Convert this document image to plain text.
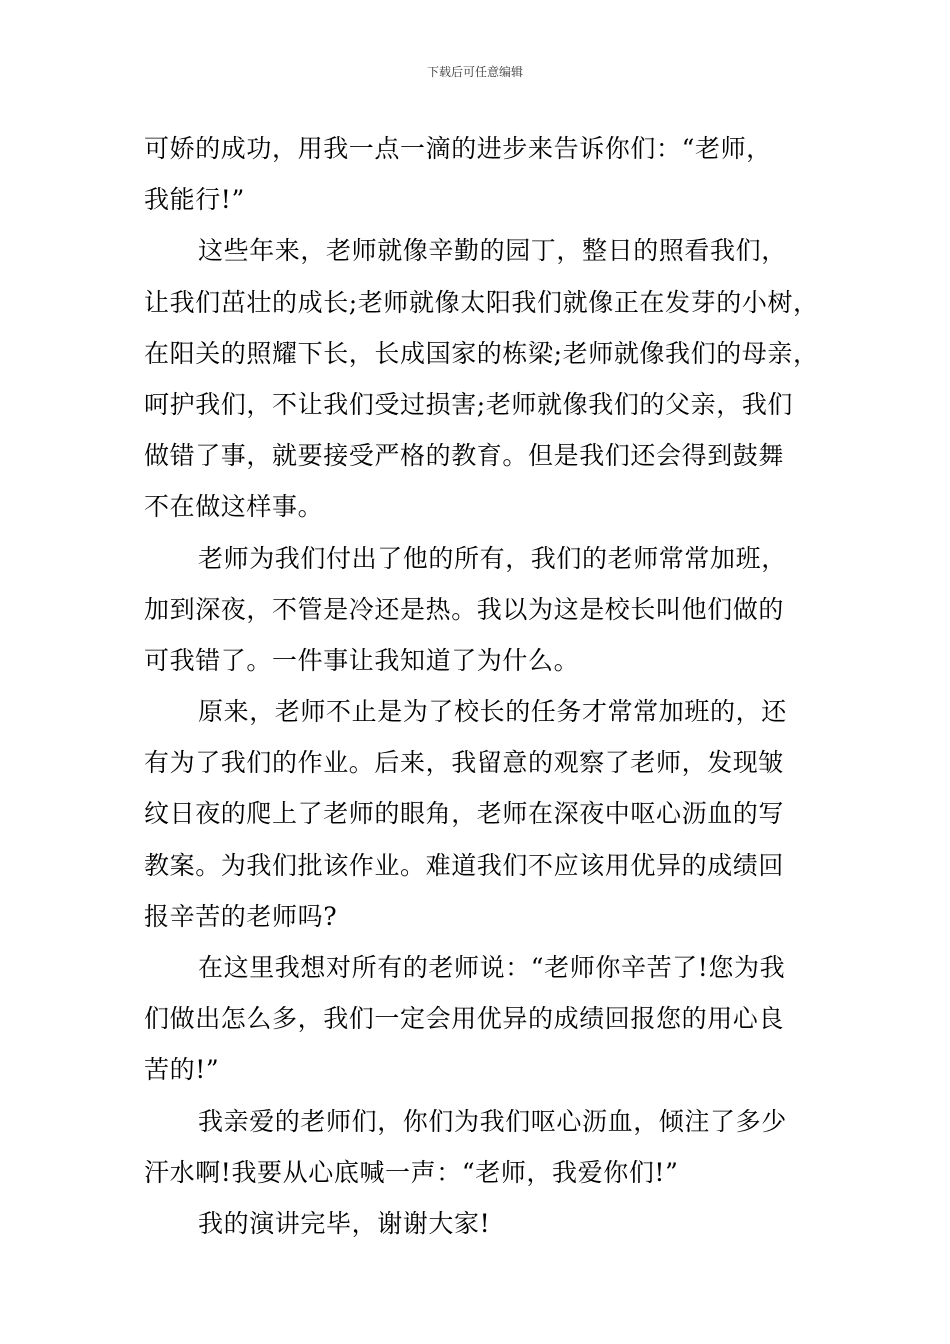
下载后可任意编辑
可娇的成功，用我一点一滴的进步来告诉你们：“老师，
我能行!”
这些年来，老师就像辛勤的园丁，整日的照看我们，
让我们茁壮的成长;老师就像太阳我们就像正在发芽的小树，
在阳关的照耀下长，长成国家的栋梁;老师就像我们的母亲，
呵护我们，不让我们受过损害;老师就像我们的父亲，我们
做错了事，就要接受严格的教育。但是我们还会得到鼓舞
不在做这样事。
老师为我们付出了他的所有，我们的老师常常加班，
加到深夜，不管是冷还是热。我以为这是校长叫他们做的
可我错了。一件事让我知道了为什么。
原来，老师不止是为了校长的任务才常常加班的，还
有为了我们的作业。后来，我留意的观察了老师，发现皱
纹日夜的爬上了老师的眼角，老师在深夜中呕心沥血的写
教案。为我们批该作业。难道我们不应该用优异的成绩回
报辛苦的老师吗?
在这里我想对所有的老师说：“老师你辛苦了!您为我
们做出怎么多，我们一定会用优异的成绩回报您的用心良
苦的!”
我亲爱的老师们，你们为我们呕心沥血，倾注了多少
汗水啊!我要从心底喊一声：“老师，我爱你们!”
我的演讲完毕，谢谢大家!
